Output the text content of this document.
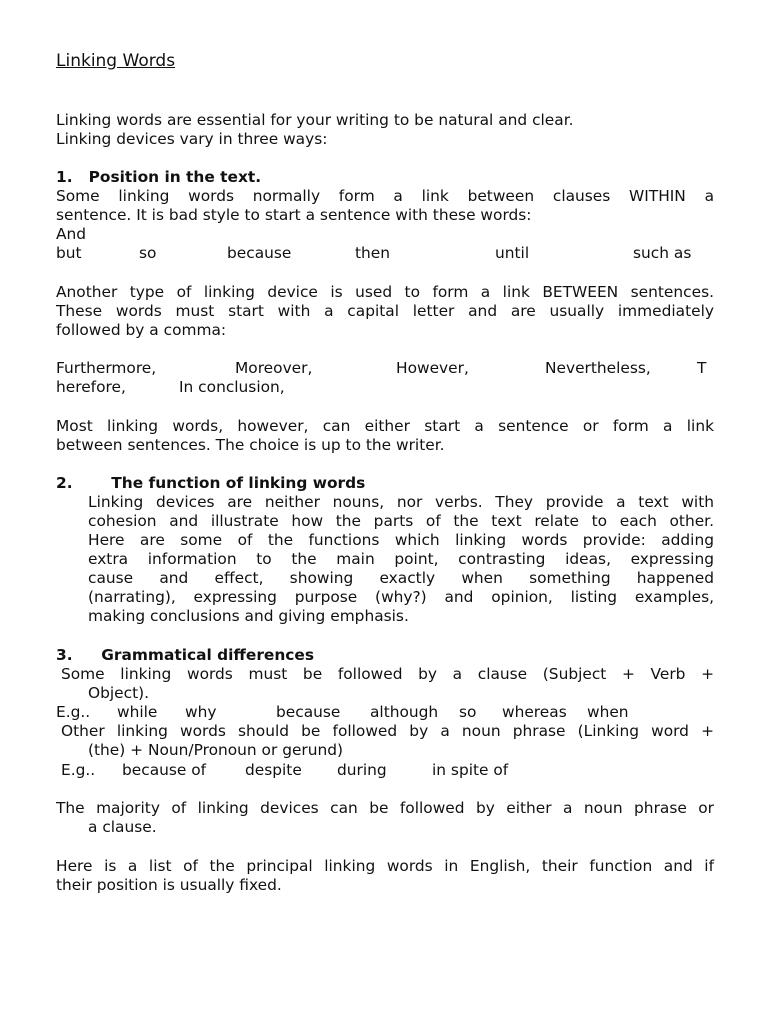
Linking Words
Linking words are essential for your writing to be natural and clear.
Linking devices vary in three ways:
1. Position in the text.
Some linking words normally form a link between clauses WITHIN a
sentence. It is bad style to start a sentence with these words:
And
but	so	because	then	until	such as
Another type of linking device is used to form a link BETWEEN sentences.
These words must start with a capital letter and are usually immediately
followed by a comma:
Furthermore,	Moreover,	However,	Nevertheless,	T
herefore,	In conclusion,
Most linking words, however, can either start a sentence or form a link
between sentences. The choice is up to the writer.
2.	The function of linking words
Linking devices are neither nouns, nor verbs. They provide a text with
cohesion and illustrate how the parts of the text relate to each other.
Here are some of the functions which linking words provide: adding
extra information to the main point, contrasting ideas, expressing
cause and effect, showing exactly when something happened
(narrating), expressing purpose (why?) and opinion, listing examples,
making conclusions and giving emphasis.
3. Grammatical differences
Some linking words must be followed by a clause (Subject + Verb +
Object).
E.g.. while why	because although so whereas when
Other linking words should be followed by a noun phrase (Linking word +
(the) + Noun/Pronoun or gerund)
E.g.. because of	despite during	in spite of
The majority of linking devices can be followed by either a noun phrase or
a clause.
Here is a list of the principal linking words in English, their function and if
their position is usually fixed.
